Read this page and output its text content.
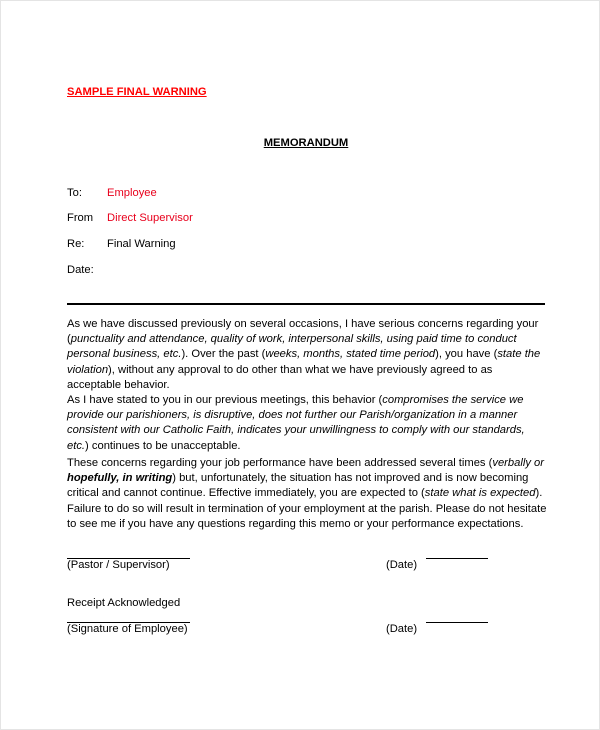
SAMPLE FINAL WARNING
MEMORANDUM
To: Employee
From Direct Supervisor
Re: Final Warning
Date:
As we have discussed previously on several occasions, I have serious concerns regarding your (punctuality and attendance, quality of work, interpersonal skills, using paid time to conduct personal business, etc.). Over the past (weeks, months, stated time period), you have (state the violation), without any approval to do other than what we have previously agreed to as acceptable behavior.
As I have stated to you in our previous meetings, this behavior (compromises the service we provide our parishioners, is disruptive, does not further our Parish/organization in a manner consistent with our Catholic Faith, indicates your unwillingness to comply with our standards, etc.) continues to be unacceptable.
These concerns regarding your job performance have been addressed several times (verbally or hopefully, in writing) but, unfortunately, the situation has not improved and is now becoming critical and cannot continue. Effective immediately, you are expected to (state what is expected). Failure to do so will result in termination of your employment at the parish. Please do not hesitate to see me if you have any questions regarding this memo or your performance expectations.
(Pastor / Supervisor)	(Date)
Receipt Acknowledged
(Signature of Employee)	(Date)
